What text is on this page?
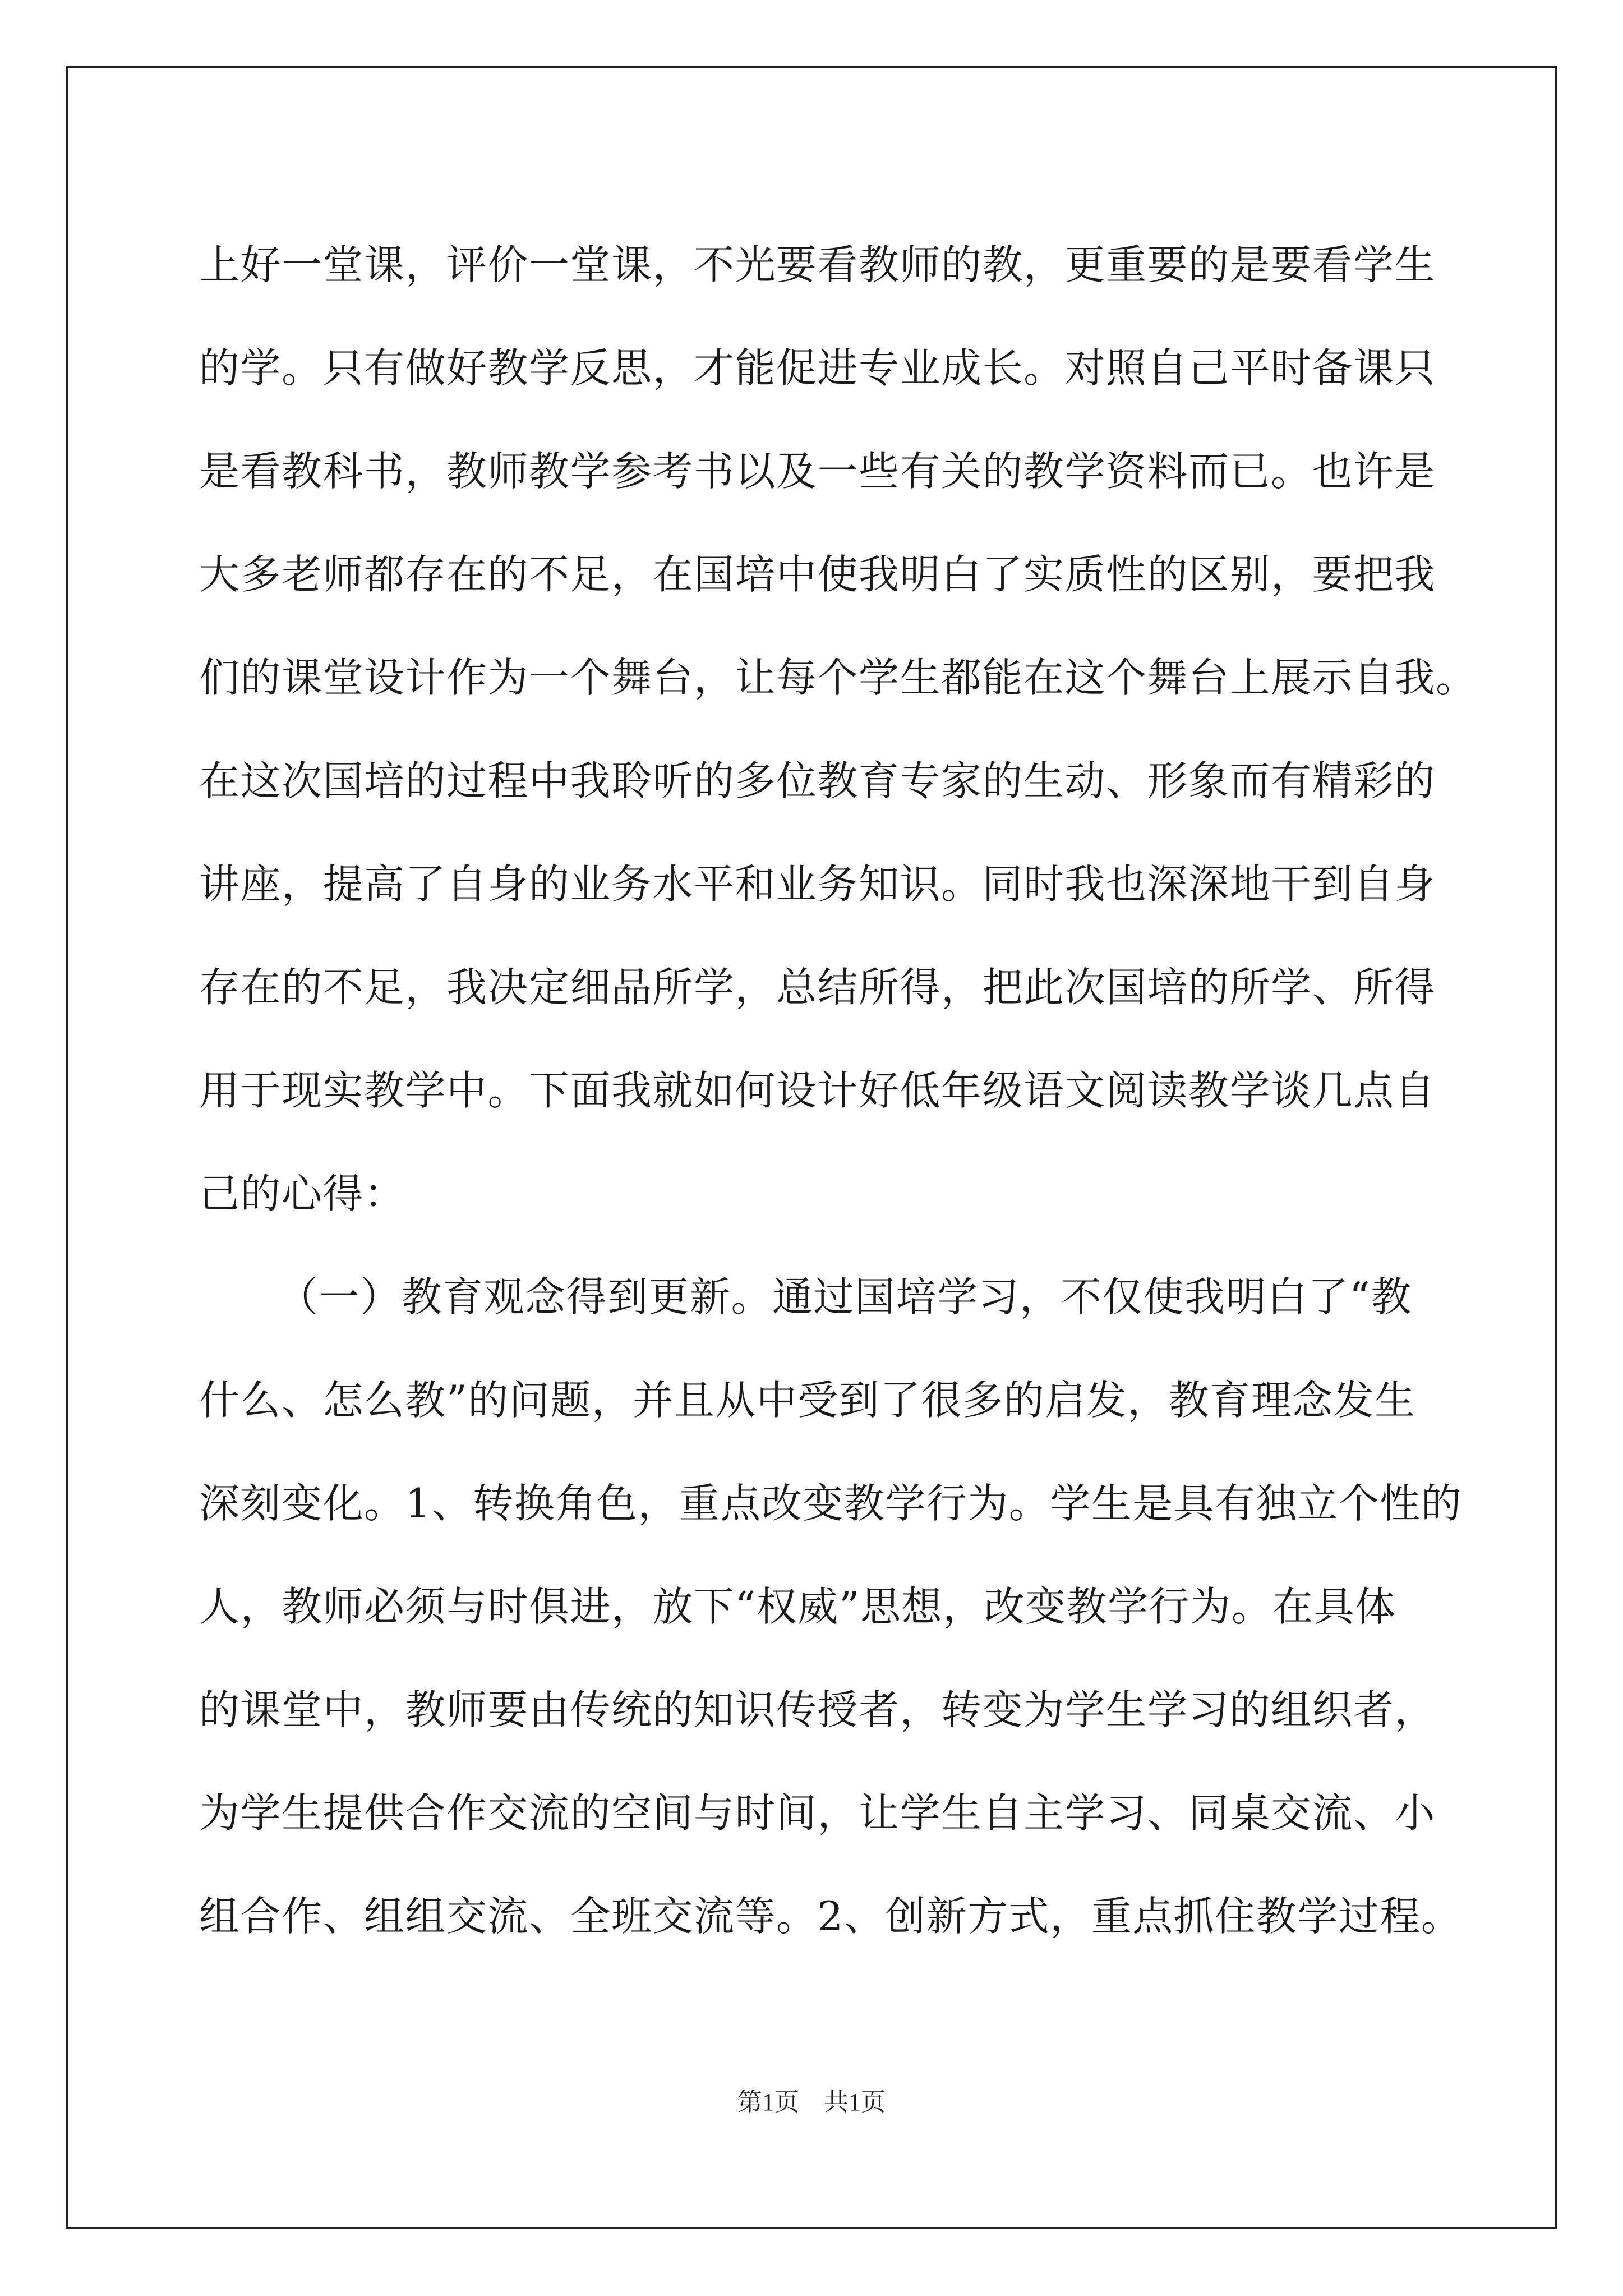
上好一堂课，评价一堂课，不光要看教师的教，更重要的是要看学生
的学。只有做好教学反思，才能促进专业成长。对照自己平时备课只
是看教科书，教师教学参考书以及一些有关的教学资料而已。也许是
大多老师都存在的不足，在国培中使我明白了实质性的区别，要把我
们的课堂设计作为一个舞台，让每个学生都能在这个舞台上展示自我。
在这次国培的过程中我聆听的多位教育专家的生动、形象而有精彩的
讲座，提高了自身的业务水平和业务知识。同时我也深深地干到自身
存在的不足，我决定细品所学，总结所得，把此次国培的所学、所得
用于现实教学中。下面我就如何设计好低年级语文阅读教学谈几点自
己的心得：
（一）教育观念得到更新。通过国培学习，不仅使我明白了“教
什么、怎么教”的问题，并且从中受到了很多的启发，教育理念发生
深刻变化。1、转换角色，重点改变教学行为。学生是具有独立个性的
人，教师必须与时俱进，放下“权威”思想，改变教学行为。在具体
的课堂中，教师要由传统的知识传授者，转变为学生学习的组织者，
为学生提供合作交流的空间与时间，让学生自主学习、同桌交流、小
组合作、组组交流、全班交流等。2、创新方式，重点抓住教学过程。
第1页　共1页
